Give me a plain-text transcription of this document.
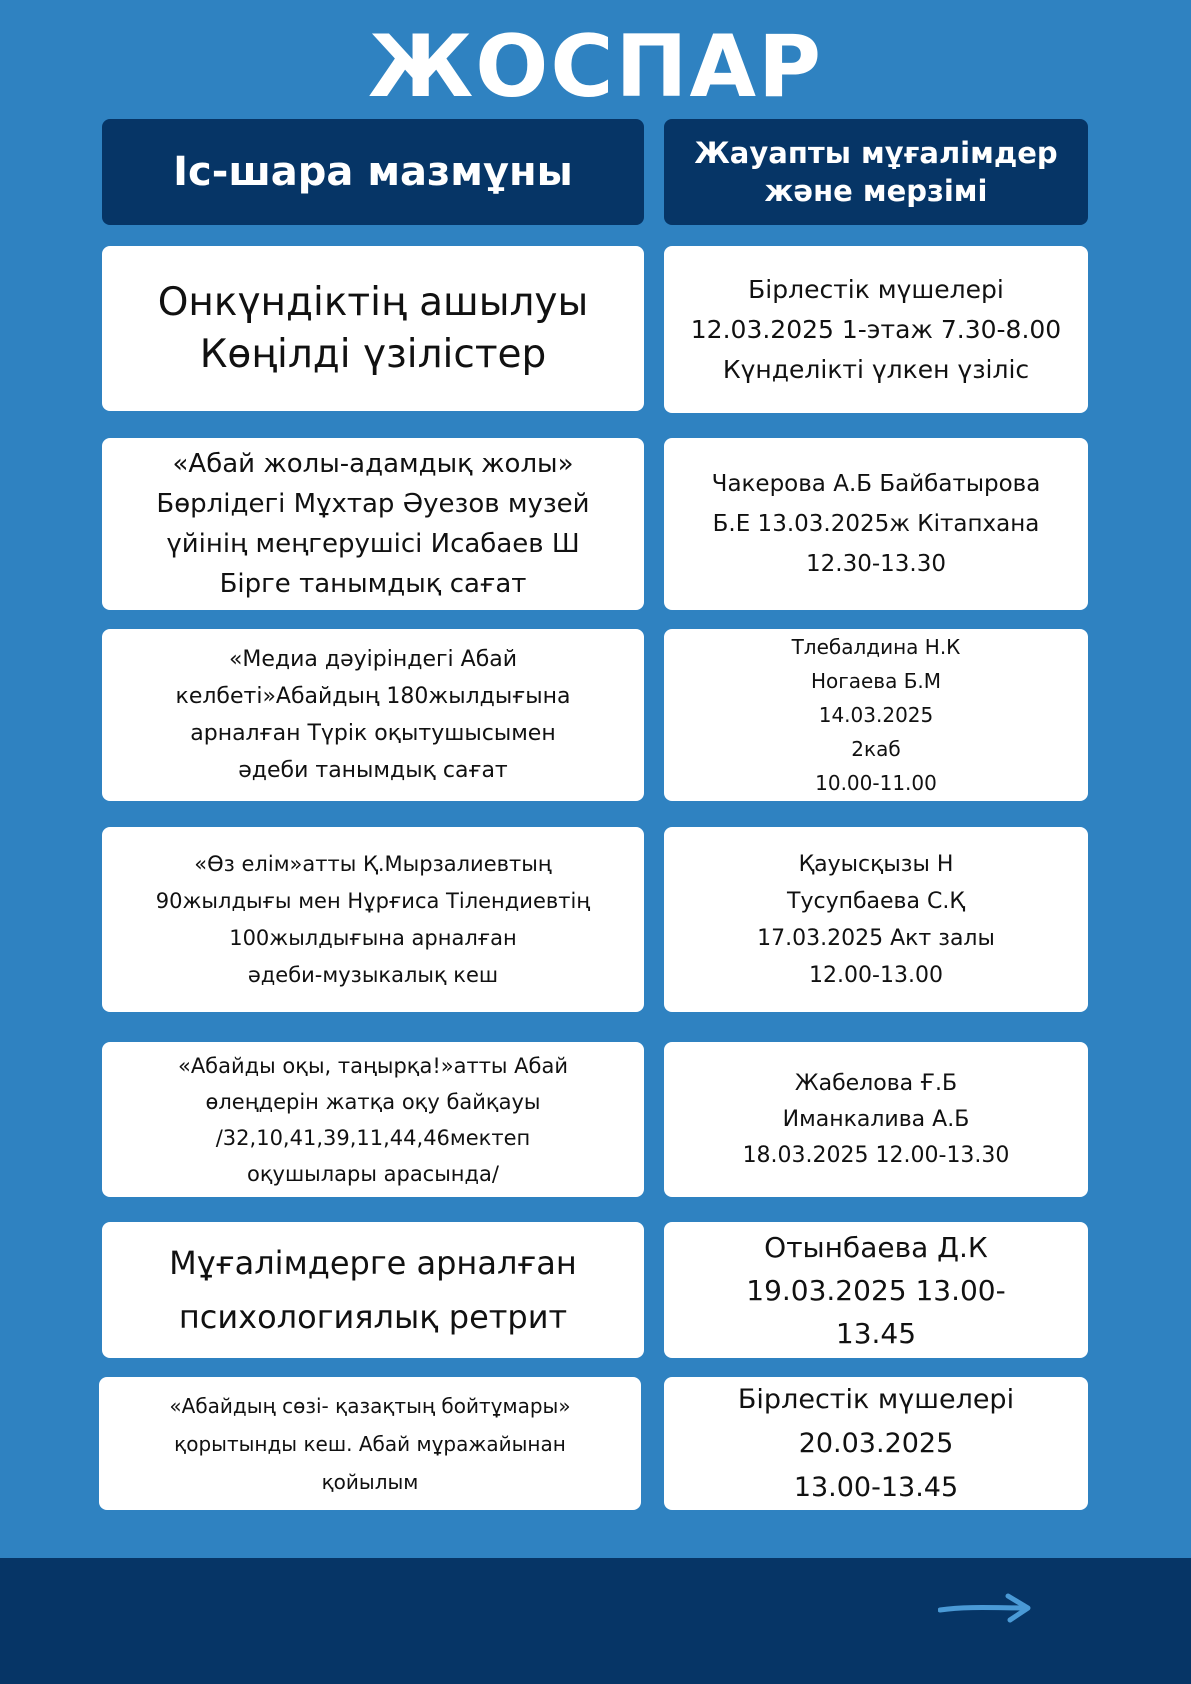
ЖОСПАР
Іс-шара мазмұны	Жауапты мұғалімдер
және мерзімі
Онкүндіктің ашылуы
Көңілді үзілістер
Бірлестік мүшелері
12.03.2025 1-этаж 7.30-8.00
Күнделікті үлкен үзіліс
«Абай жолы-адамдық жолы»
Бөрлідегі Мұхтар Әуезов музей
үйінің меңгерушісі Исабаев Ш
Бірге танымдық сағат
Чакерова А.Б Байбатырова
Б.Е 13.03.2025ж Кітапхана
12.30-13.30
«Медиа дәуіріндегі Абай
келбеті»Абайдың 180жылдығына
арналған Түрік оқытушысымен
әдеби танымдық сағат
Тлебалдина Н.К
Ногаева Б.М
14.03.2025
2каб
10.00-11.00
«Өз елім»атты Қ.Мырзалиевтың
90жылдығы мен Нұрғиса Тілендиевтің
100жылдығына арналған
әдеби-музыкалық кеш
Қауысқызы Н
Тусупбаева С.Қ
17.03.2025 Акт залы
12.00-13.00
«Абайды оқы, таңырқа!»атты Абай
өлеңдерін жатқа оқу байқауы
/32,10,41,39,11,44,46мектеп
оқушылары арасында/
Жабелова Ғ.Б
Иманкалива А.Б
18.03.2025 12.00-13.30
Мұғалімдерге арналған
психологиялық ретрит
Отынбаева Д.К
19.03.2025 13.00-
13.45
«Абайдың сөзі- қазақтың бойтұмары»
қорытынды кеш. Абай мұражайынан
қойылым
Бірлестік мүшелері
20.03.2025
13.00-13.45
